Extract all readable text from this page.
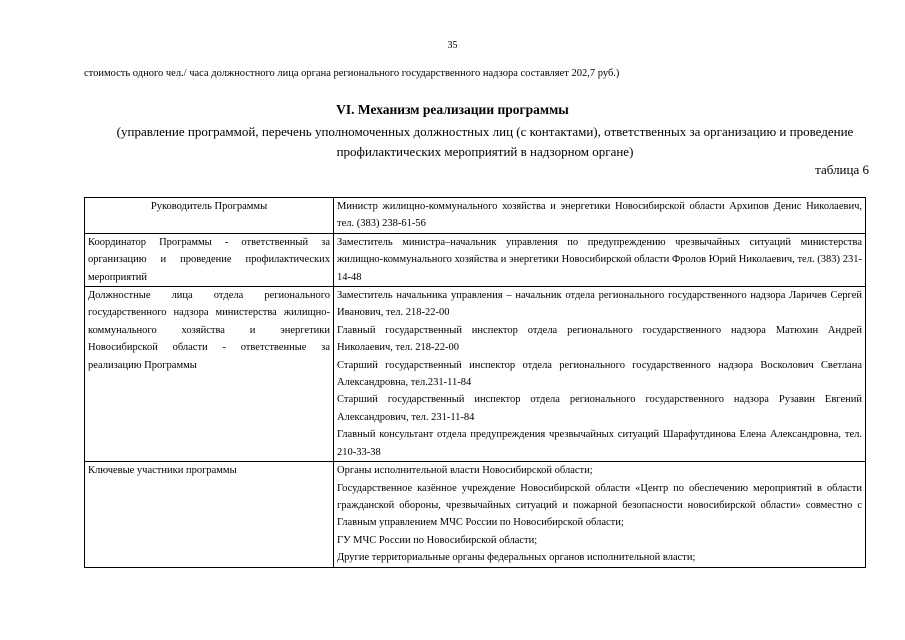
35
стоимость одного чел./ часа должностного лица органа регионального государственного надзора составляет 202,7 руб.)
VI. Механизм реализации программы
(управление программой, перечень уполномоченных должностных лиц (с контактами), ответственных за организацию и проведение профилактических мероприятий в надзорном органе)
таблица 6
Руководитель Программы	Министр жилищно-коммунального хозяйства и энергетики Новосибирской области Архипов Денис Николаевич, тел. (383) 238-61-56

Координатор Программы - ответственный за организацию и проведение профилактических мероприятий	Заместитель министра–начальник управления по предупреждению чрезвычайных ситуаций министерства жилищно-коммунального хозяйства и энергетики Новосибирской области Фролов Юрий Николаевич, тел. (383) 231-14-48

Должностные лица отдела регионального государственного надзора министерства жилищно-коммунального хозяйства и энергетики Новосибирской области - ответственные за реализацию Программы	Заместитель начальника управления – начальник отдела регионального государственного надзора Ларичев Сергей Иванович, тел. 218-22-00
Главный государственный инспектор отдела регионального государственного надзора Матюхин Андрей Николаевич, тел. 218-22-00
Старший государственный инспектор отдела регионального государственного надзора Восколович Светлана Александровна, тел.231-11-84
Старший государственный инспектор отдела регионального государственного надзора Рузавин Евгений Александрович, тел. 231-11-84
Главный консультант отдела предупреждения чрезвычайных ситуаций Шарафутдинова Елена Александровна, тел. 210-33-38

Ключевые участники программы	Органы исполнительной власти Новосибирской области;
Государственное казённое учреждение Новосибирской области «Центр по обеспечению мероприятий в области гражданской обороны, чрезвычайных ситуаций и пожарной безопасности новосибирской области» совместно с Главным управлением МЧС России по Новосибирской области;
ГУ МЧС России по Новосибирской области;
Другие территориальные органы федеральных органов исполнительной власти;
